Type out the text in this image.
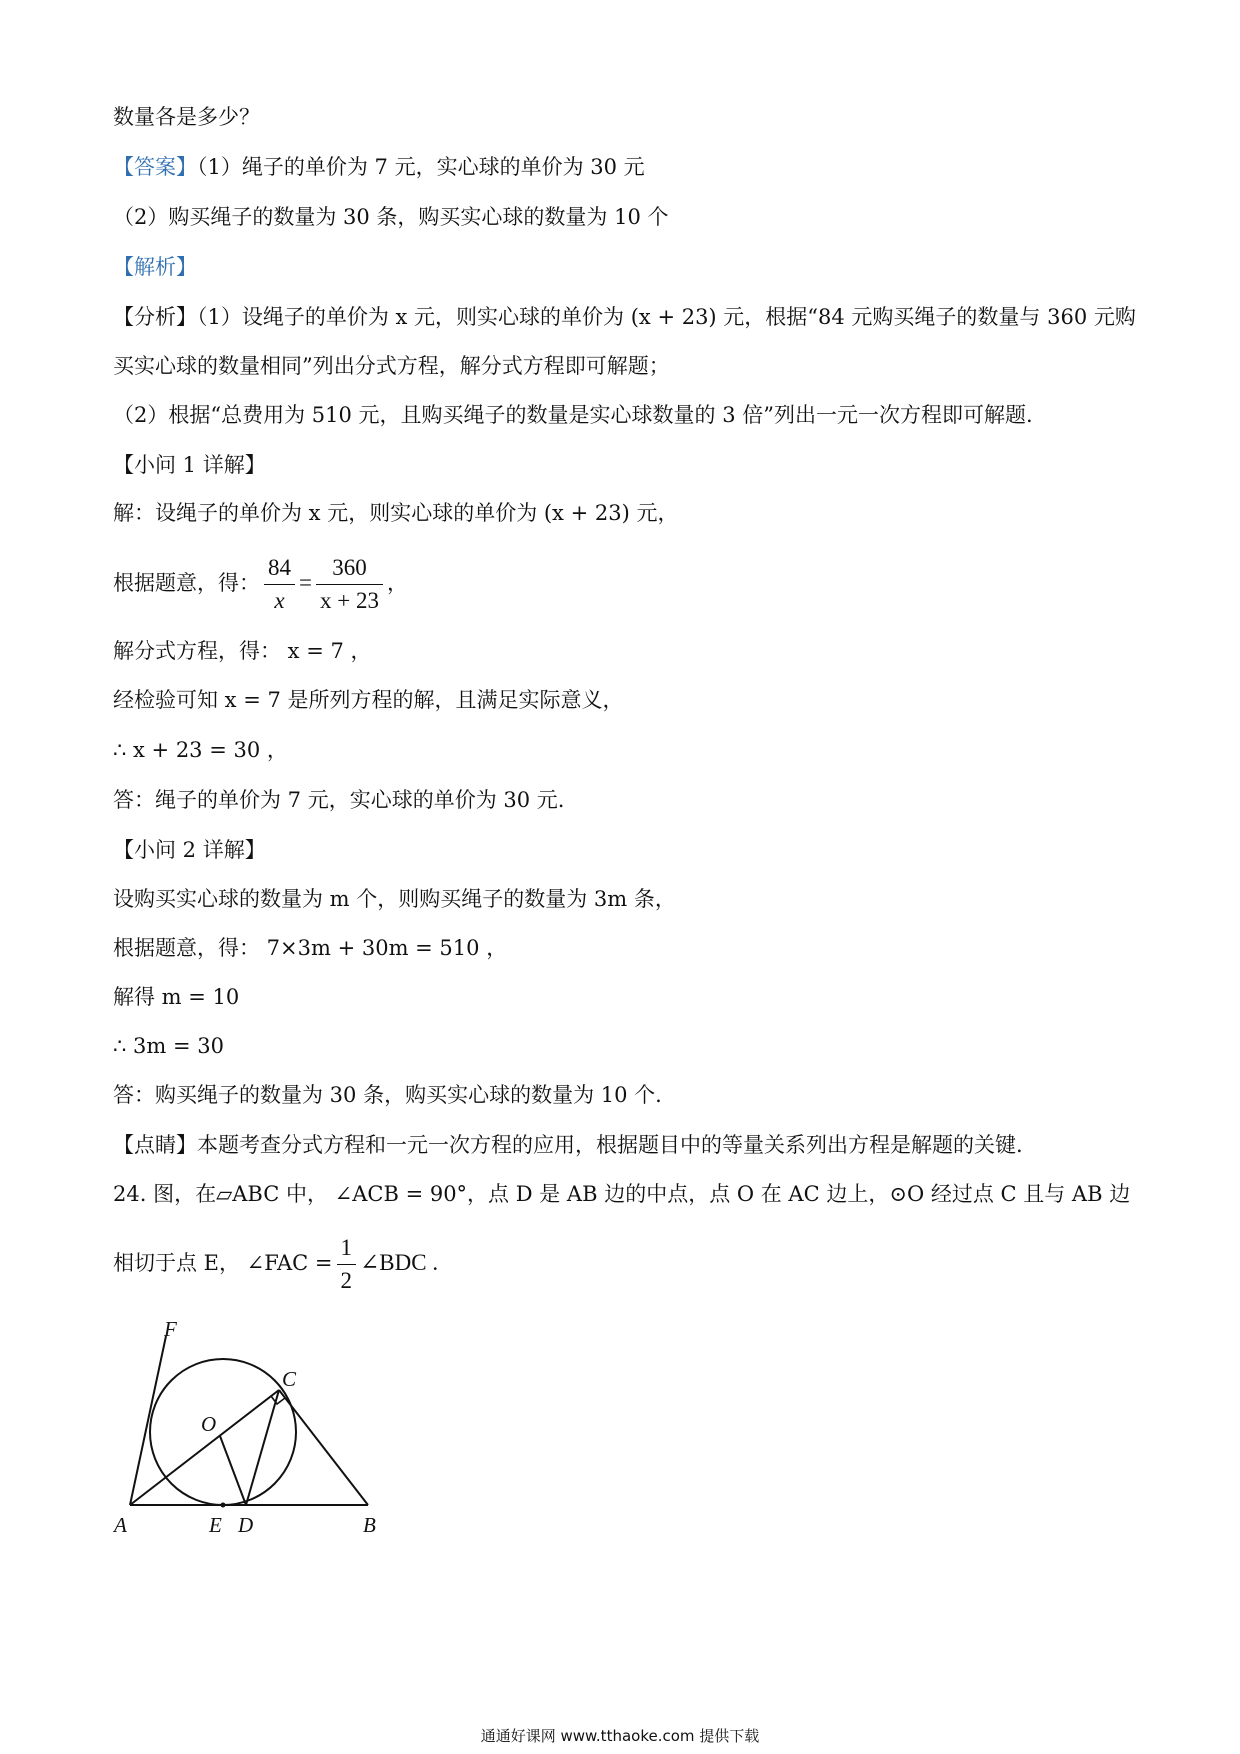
数量各是多少？
【答案】（1）绳子的单价为 7 元，实心球的单价为 30 元
（2）购买绳子的数量为 30 条，购买实心球的数量为 10 个
【解析】
【分析】（1）设绳子的单价为 x 元，则实心球的单价为 (x + 23) 元，根据“84 元购买绳子的数量与 360 元购
买实心球的数量相同”列出分式方程，解分式方程即可解题；
（2）根据“总费用为 510 元，且购买绳子的数量是实心球数量的 3 倍”列出一元一次方程即可解题.
【小问 1 详解】
解：设绳子的单价为 x 元，则实心球的单价为 (x + 23) 元，
根据题意，得： $\frac{84}{x} = \frac{360}{x + 23}$ ，
解分式方程，得： x = 7 ，
经检验可知 x = 7 是所列方程的解，且满足实际意义，
∴ x + 23 = 30 ，
答：绳子的单价为 7 元，实心球的单价为 30 元.
【小问 2 详解】
设购买实心球的数量为 m 个，则购买绳子的数量为 3m 条，
根据题意，得： 7×3m + 30m = 510 ，
解得 m = 10
∴ 3m = 30
答：购买绳子的数量为 30 条，购买实心球的数量为 10 个.
【点睛】本题考查分式方程和一元一次方程的应用，根据题目中的等量关系列出方程是解题的关键.
24. 图，在▱ABC 中， ∠ACB = 90°，点 D 是 AB 边的中点，点 O 在 AC 边上，⊙O 经过点 C 且与 AB 边
相切于点 E， ∠FAC = $\frac{1}{2}$ ∠BDC .
F
C
O
A	E D	B
通通好课网 www.tthaoke.com 提供下载
